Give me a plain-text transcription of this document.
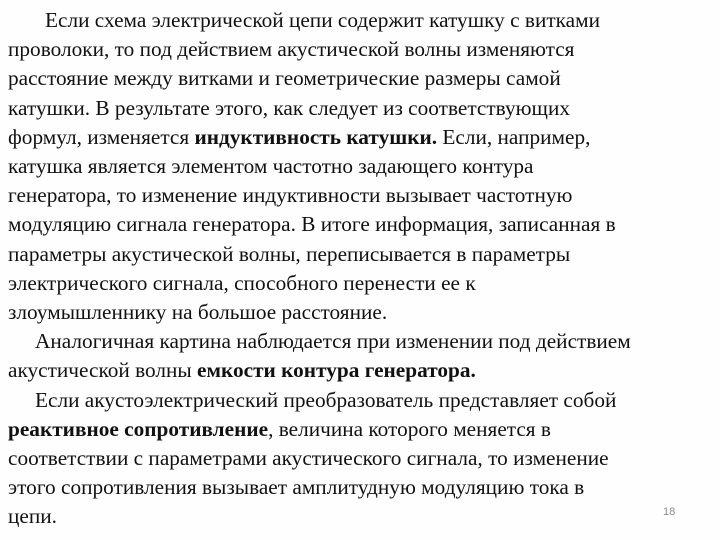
Если схема электрической цепи содержит катушку с витками
проволоки, то под действием акустической волны изменяются
расстояние между витками и геометрические размеры самой
катушки. В результате этого, как следует из соответствующих
формул, изменяется индуктивность катушки. Если, например,
катушка является элементом частотно задающего контура
генератора, то изменение индуктивности вызывает частотную
модуляцию сигнала генератора. В итоге информация, записанная в
параметры акустической волны, переписывается в параметры
электрического сигнала, способного перенести ее к
злоумышленнику на большое расстояние.
Аналогичная картина наблюдается при изменении под действием
акустической волны емкости контура генератора.
Если акустоэлектрический преобразователь представляет собой
реактивное сопротивление, величина которого меняется в
соответствии с параметрами акустического сигнала, то изменение
этого сопротивления вызывает амплитудную модуляцию тока в
цепи.	18
